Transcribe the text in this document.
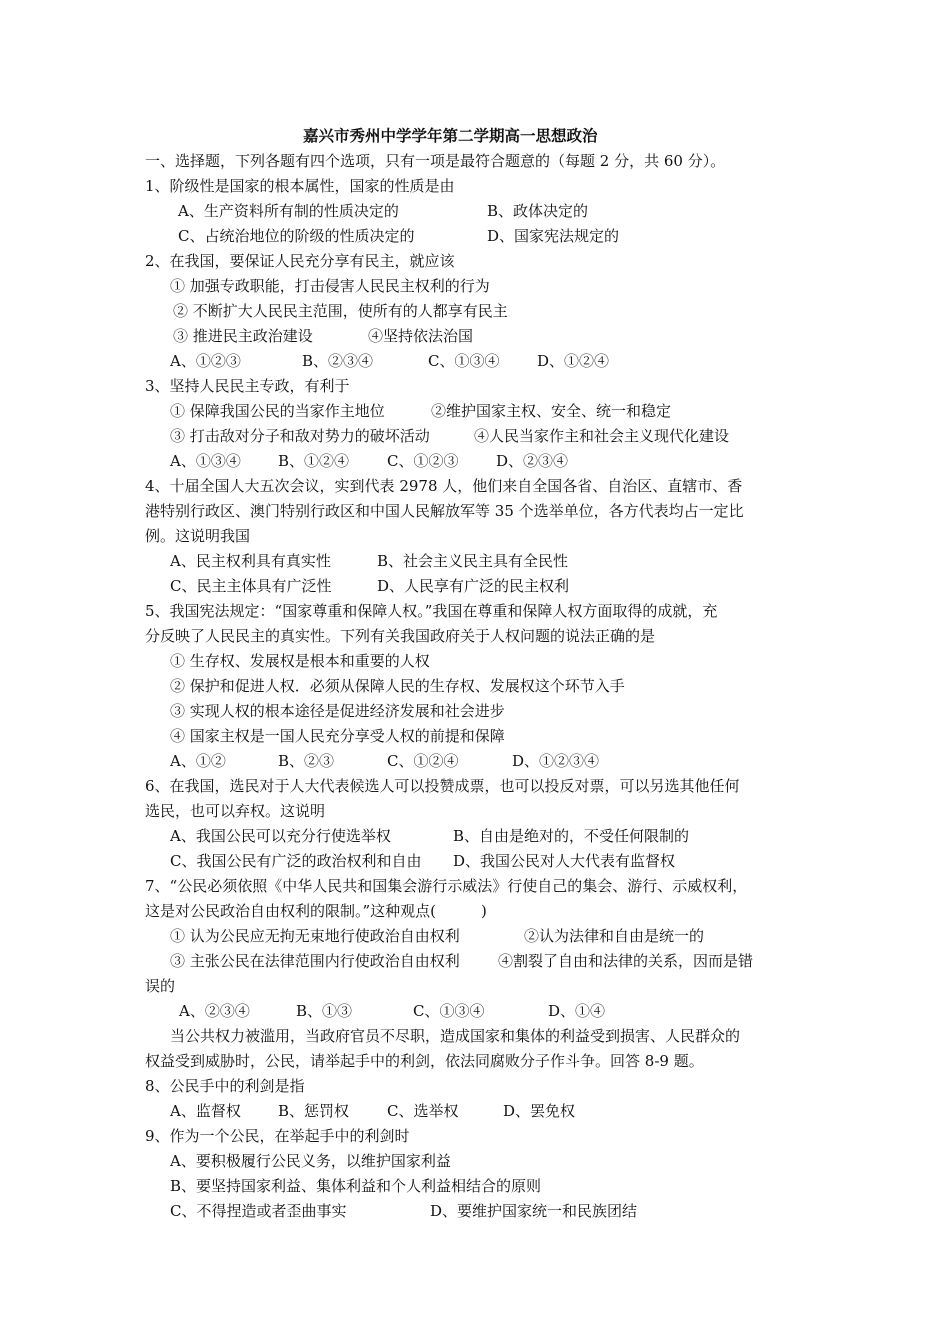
嘉兴市秀州中学学年第二学期高一思想政治
一、选择题，下列各题有四个选项，只有一项是最符合题意的（每题 2 分，共 60 分）。
1、阶级性是国家的根本属性，国家的性质是由
A、生产资料所有制的性质决定的	B、政体决定的
C、占统治地位的阶级的性质决定的	D、国家宪法规定的
2、在我国，要保证人民充分享有民主，就应该
① 加强专政职能，打击侵害人民民主权利的行为
② 不断扩大人民民主范围，使所有的人都享有民主
③ 推进民主政治建设	④坚持依法治国
A、①②③	B、②③④	C、①③④	D、①②④
3、坚持人民民主专政，有利于
① 保障我国公民的当家作主地位	②维护国家主权、安全、统一和稳定
③ 打击敌对分子和敌对势力的破坏活动	④人民当家作主和社会主义现代化建设
A、①③④ B、①②④	C、①②③	D、②③④
4、十届全国人大五次会议，实到代表 2978 人，他们来自全国各省、自治区、直辖市、香
港特别行政区、澳门特别行政区和中国人民解放军等 35 个选举单位，各方代表均占一定比
例。这说明我国
A、民主权利具有真实性	B、社会主义民主具有全民性
C、民主主体具有广泛性	D、人民享有广泛的民主权利
5、我国宪法规定：“国家尊重和保障人权。”我国在尊重和保障人权方面取得的成就，充
分反映了人民民主的真实性。下列有关我国政府关于人权问题的说法正确的是
① 生存权、发展权是根本和重要的人权
② 保护和促进人权．必须从保障人民的生存权、发展权这个环节入手
③ 实现人权的根本途径是促进经济发展和社会进步
④ 国家主权是一国人民充分享受人权的前提和保障
A、①②	B、②③	C、①②④	D、①②③④
6、在我国，选民对于人大代表候选人可以投赞成票，也可以投反对票，可以另选其他任何
选民，也可以弃权。这说明
A、我国公民可以充分行使选举权	B、自由是绝对的，不受任何限制的
C、我国公民有广泛的政治权利和自由 D、我国公民对人大代表有监督权
7、“公民必须依照《中华人民共和国集会游行示威法》行使自己的集会、游行、示威权利，
这是对公民政治自由权利的限制。”这种观点(　　　)
① 认为公民应无拘无束地行使政治自由权利	②认为法律和自由是统一的
③ 主张公民在法律范围内行使政治自由权利	④割裂了自由和法律的关系，因而是错
误的
A、②③④	B、①③	C、①③④	D、①④
当公共权力被滥用，当政府官员不尽职，造成国家和集体的利益受到损害、人民群众的
权益受到威胁时，公民，请举起手中的利剑，依法同腐败分子作斗争。回答 8-9 题。
8、公民手中的利剑是指
A、监督权 B、惩罚权	C、选举权	D、罢免权
9、作为一个公民，在举起手中的利剑时
A、要积极履行公民义务，以维护国家利益
B、要坚持国家利益、集体利益和个人利益相结合的原则
C、不得捏造或者歪曲事实	D、要维护国家统一和民族团结
